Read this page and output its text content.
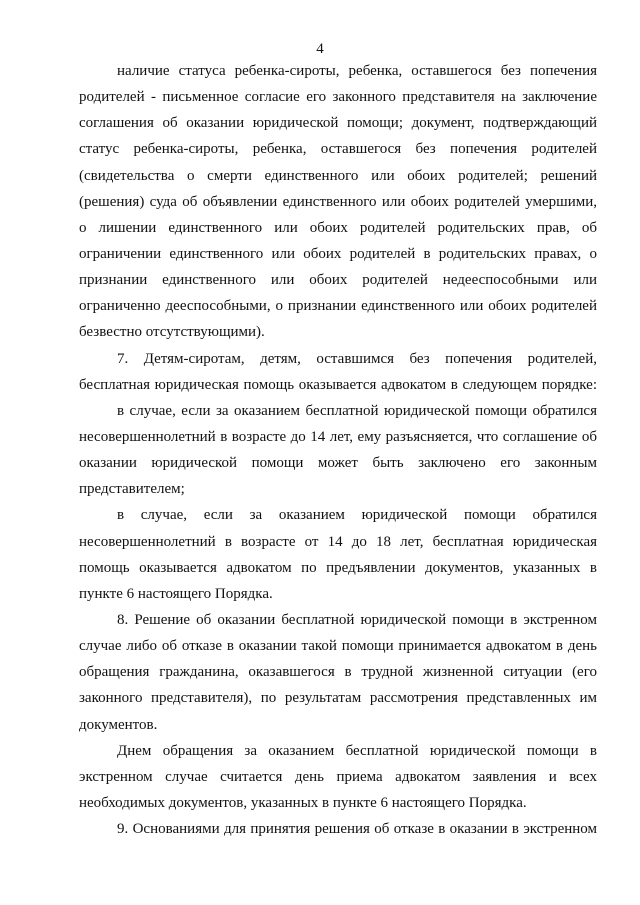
4
наличие статуса ребенка-сироты, ребенка, оставшегося без попечения
родителей - письменное согласие его законного представителя на заключение
соглашения об оказании юридической помощи; документ, подтверждающий
статус ребенка-сироты, ребенка, оставшегося без попечения родителей
(свидетельства о смерти единственного или обоих родителей; решений
(решения) суда об объявлении единственного или обоих родителей умершими,
о лишении единственного или обоих родителей родительских прав, об
ограничении единственного или обоих родителей в родительских правах, о
признании единственного или обоих родителей недееспособными или
ограниченно дееспособными, о признании единственного или обоих родителей
безвестно отсутствующими).
7. Детям-сиротам, детям, оставшимся без попечения родителей,
бесплатная юридическая помощь оказывается адвокатом в следующем порядке:
в случае, если за оказанием бесплатной юридической помощи обратился
несовершеннолетний в возрасте до 14 лет, ему разъясняется, что соглашение об
оказании юридической помощи может быть заключено его законным
представителем;
в случае, если за оказанием юридической помощи обратился
несовершеннолетний в возрасте от 14 до 18 лет, бесплатная юридическая
помощь оказывается адвокатом по предъявлении документов, указанных в
пункте 6 настоящего Порядка.
8. Решение об оказании бесплатной юридической помощи в экстренном
случае либо об отказе в оказании такой помощи принимается адвокатом в день
обращения гражданина, оказавшегося в трудной жизненной ситуации (его
законного представителя), по результатам рассмотрения представленных им
документов.
Днем обращения за оказанием бесплатной юридической помощи в
экстренном случае считается день приема адвокатом заявления и всех
необходимых документов, указанных в пункте 6 настоящего Порядка.
9. Основаниями для принятия решения об отказе в оказании в экстренном
